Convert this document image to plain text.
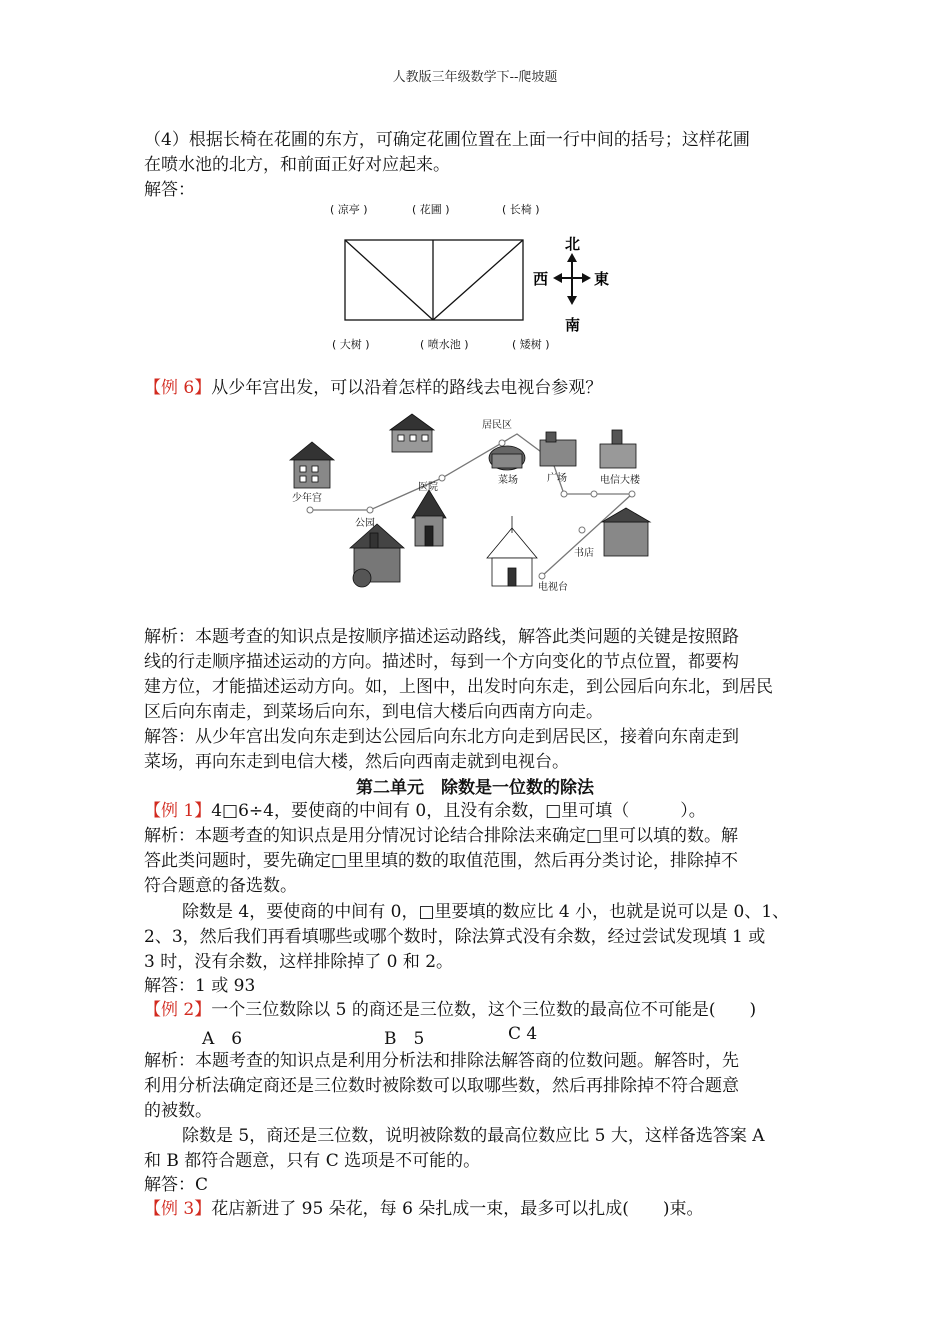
人教版三年级数学下--爬坡题

（4）根据长椅在花圃的东方，可确定花圃位置在上面一行中间的括号；这样花圃

在喷水池的北方，和前面正好对应起来。

解答：

( 凉亭 )	( 花圃 )	( 长椅 )
( 大树 )	( 喷水池 )	( 矮树 )
北
南
西	東

【例 6】从少年宫出发，可以沿着怎样的路线去电视台参观？

少年宫
公园
医院
居民区
菜场	广场	电信大楼
书店
电视台

解析：本题考查的知识点是按顺序描述运动路线，解答此类问题的关键是按照路

线的行走顺序描述运动的方向。描述时，每到一个方向变化的节点位置，都要构

建方位，才能描述运动方向。如，上图中，出发时向东走，到公园后向东北，到居民

区后向东南走，到菜场后向东，到电信大楼后向西南方向走。

解答：从少年宫出发向东走到达公园后向东北方向走到居民区，接着向东南走到

菜场，再向东走到电信大楼，然后向西南走就到电视台。

第二单元　除数是一位数的除法

【例 1】4□6÷4，要使商的中间有 0，且没有余数，□里可填（　　　）。

解析：本题考查的知识点是用分情况讨论结合排除法来确定□里可以填的数。解

答此类问题时，要先确定□里里填的数的取值范围，然后再分类讨论，排除掉不

符合题意的备选数。

除数是 4，要使商的中间有 0，□里要填的数应比 4 小，也就是说可以是 0、1、

2、3，然后我们再看填哪些或哪个数时，除法算式没有余数，经过尝试发现填 1 或

3 时，没有余数，这样排除掉了 0 和 2。

解答：1 或 93

【例 2】一个三位数除以 5 的商还是三位数，这个三位数的最高位不可能是(　　)

A　6	B　5	C 4

解析：本题考查的知识点是利用分析法和排除法解答商的位数问题。解答时，先

利用分析法确定商还是三位数时被除数可以取哪些数，然后再排除掉不符合题意

的被数。

除数是 5，商还是三位数，说明被除数的最高位数应比 5 大，这样备选答案 A

和 B 都符合题意，只有 C 选项是不可能的。

解答：C

【例 3】花店新进了 95 朵花，每 6 朵扎成一束，最多可以扎成(　　)束。
